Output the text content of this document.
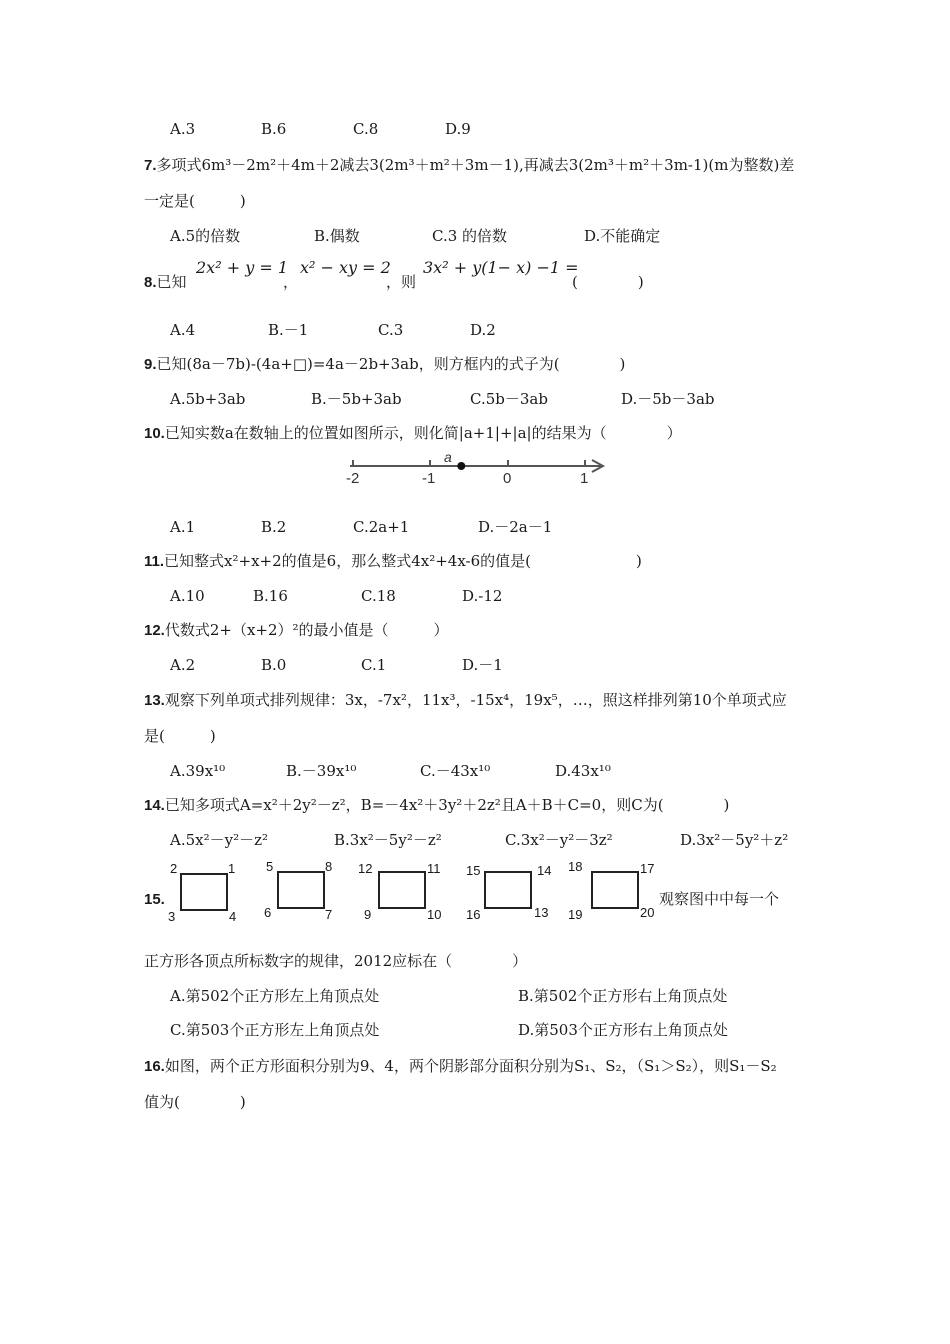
A.3	B.6	C.8	D.9
7.多项式6m³－2m²＋4m＋2减去3(2m³＋m²＋3m－1),再减去3(2m³＋m²＋3m-1)(m为整数)差
一定是(　　　)
A.5的倍数	B.偶数	C.3 的倍数	D.不能确定
8.已知
2x² + y = 1
，
x² − xy = 2
，则
3x² + y(1− x) −1 =
(　　　　)
A.4	B.－1	C.3	D.2
9.已知(8a－7b)-(4a+□)=4a－2b+3ab，则方框内的式子为(　　　　)
A.5b+3ab	B.－5b+3ab	C.5b－3ab	D.－5b－3ab
10.已知实数a在数轴上的位置如图所示，则化简|a+1|+|a|的结果为（　　　　）
-2	-1	0	1
a
A.1	B.2	C.2a+1	D.－2a－1
11.已知整式x²+x+2的值是6，那么整式4x²+4x-6的值是(　　　　　　　)
A.10	B.16	C.18	D.-12
12.代数式2+（x+2）²的最小值是（　　　）
A.2	B.0	C.1	D.－1
13.观察下列单项式排列规律：3x，-7x²，11x³，-15x⁴，19x⁵，…，照这样排列第10个单项式应
是(　　　)
A.39x¹⁰	B.－39x¹⁰	C.－43x¹⁰	D.43x¹⁰
14.已知多项式A=x²＋2y²－z²，B=－4x²＋3y²＋2z²且A＋B＋C=0，则C为(　　　　)
A.5x²－y²－z²	B.3x²－5y²－z²	C.3x²－y²－3z²	D.3x²－5y²＋z²
15.
2	1
3	4
5	8
6	7
12	11
9	10
15	14
16	13
18	17
19	20
观察图中中每一个
正方形各顶点所标数字的规律，2012应标在（　　　　）
A.第502个正方形左上角顶点处	B.第502个正方形右上角顶点处
C.第503个正方形左上角顶点处	D.第503个正方形右上角顶点处
16.如图，两个正方形面积分别为9、4，两个阴影部分面积分别为S₁、S₂，（S₁＞S₂），则S₁－S₂
值为(　　　　)
